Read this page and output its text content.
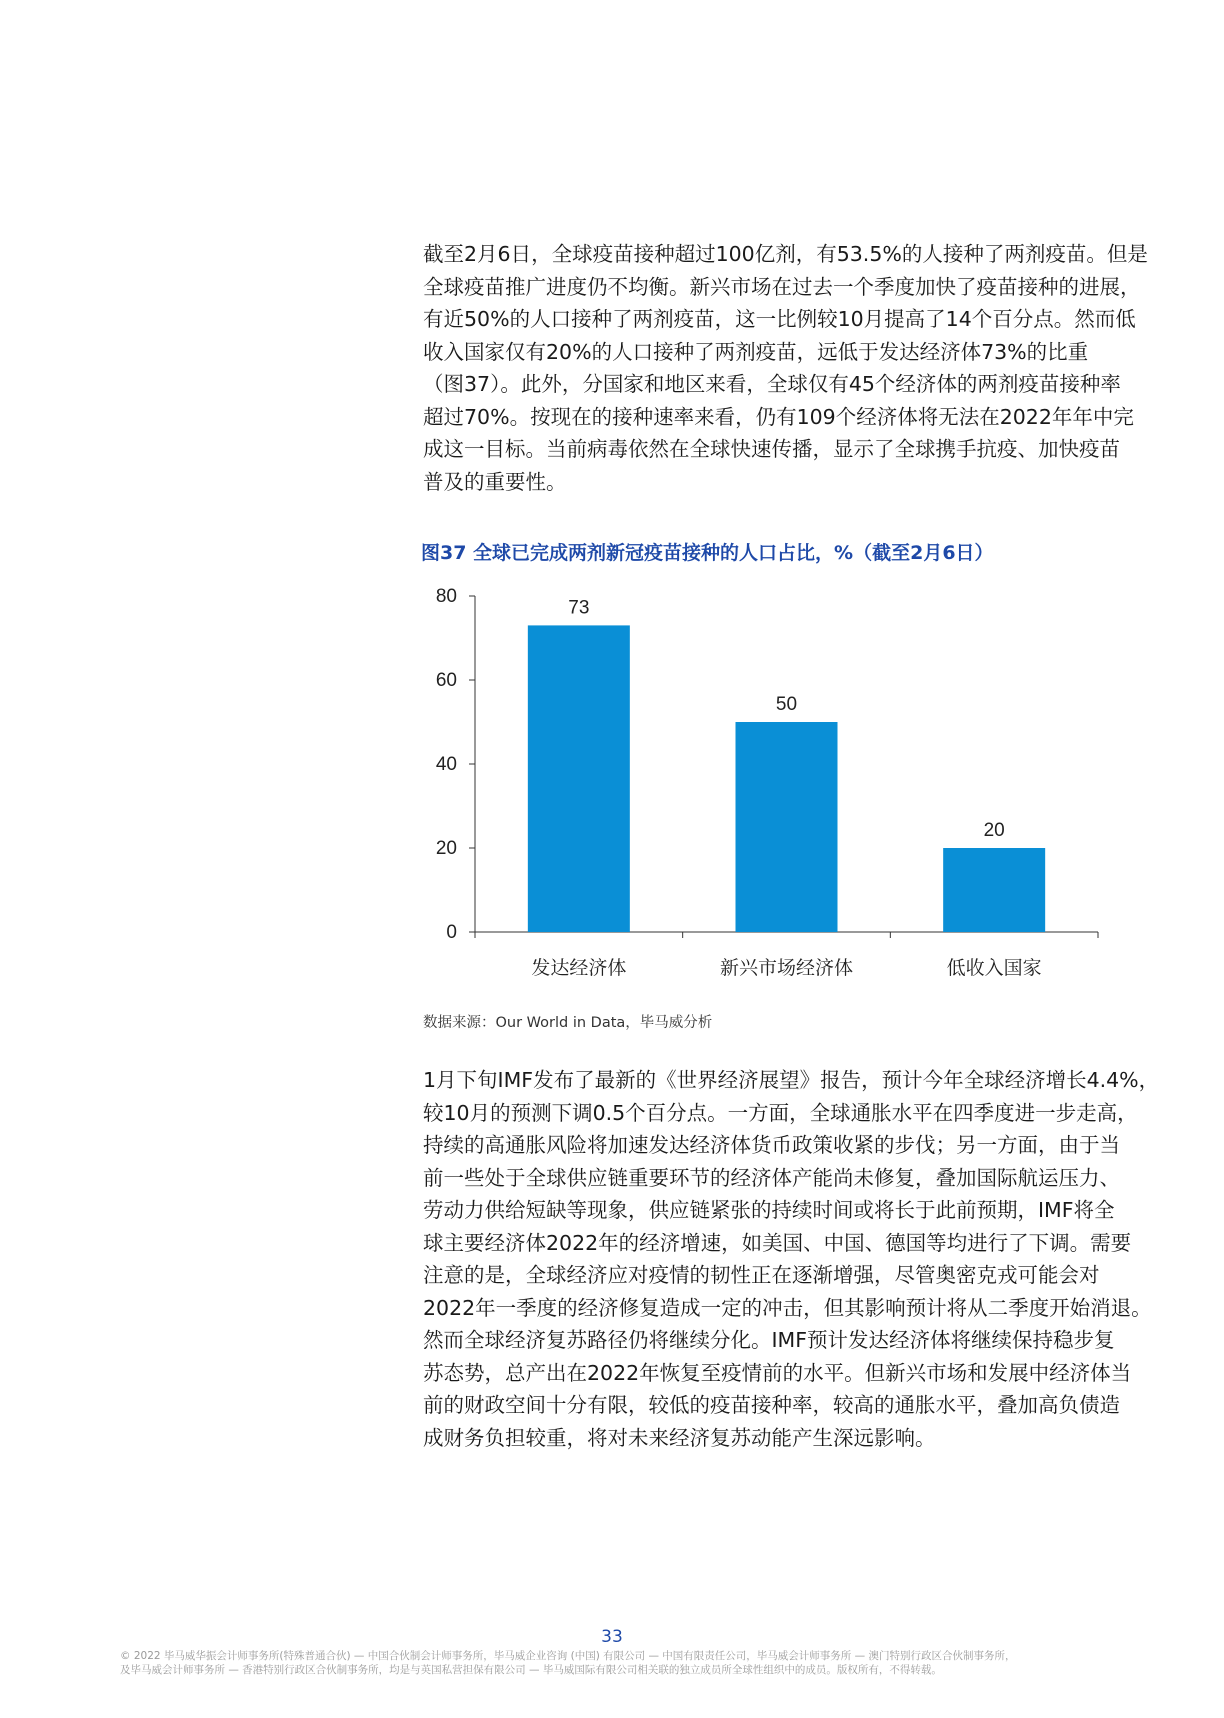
截至2月6日，全球疫苗接种超过100亿剂，有53.5%的人接种了两剂疫苗。但是
全球疫苗推广进度仍不均衡。新兴市场在过去一个季度加快了疫苗接种的进展，
有近50%的人口接种了两剂疫苗，这一比例较10月提高了14个百分点。然而低
收入国家仅有20%的人口接种了两剂疫苗，远低于发达经济体73%的比重
（图37）。此外，分国家和地区来看，全球仅有45个经济体的两剂疫苗接种率
超过70%。按现在的接种速率来看，仍有109个经济体将无法在2022年年中完
成这一目标。当前病毒依然在全球快速传播，显示了全球携手抗疫、加快疫苗
普及的重要性。
图37 全球已完成两剂新冠疫苗接种的人口占比，%（截至2月6日）
0
20
40
60
80
73
发达经济体
50
新兴市场经济体
20
低收入国家
数据来源：Our World in Data，毕马威分析
1月下旬IMF发布了最新的《世界经济展望》报告，预计今年全球经济增长4.4%，
较10月的预测下调0.5个百分点。一方面，全球通胀水平在四季度进一步走高，
持续的高通胀风险将加速发达经济体货币政策收紧的步伐；另一方面，由于当
前一些处于全球供应链重要环节的经济体产能尚未修复，叠加国际航运压力、
劳动力供给短缺等现象，供应链紧张的持续时间或将长于此前预期，IMF将全
球主要经济体2022年的经济增速，如美国、中国、德国等均进行了下调。需要
注意的是，全球经济应对疫情的韧性正在逐渐增强，尽管奥密克戎可能会对
2022年一季度的经济修复造成一定的冲击，但其影响预计将从二季度开始消退。
然而全球经济复苏路径仍将继续分化。IMF预计发达经济体将继续保持稳步复
苏态势，总产出在2022年恢复至疫情前的水平。但新兴市场和发展中经济体当
前的财政空间十分有限，较低的疫苗接种率，较高的通胀水平，叠加高负债造
成财务负担较重，将对未来经济复苏动能产生深远影响。
33
© 2022 毕马威华振会计师事务所(特殊普通合伙) — 中国合伙制会计师事务所，毕马威企业咨询 (中国) 有限公司 — 中国有限责任公司，毕马威会计师事务所 — 澳门特别行政区合伙制事务所，
及毕马威会计师事务所 — 香港特别行政区合伙制事务所，均是与英国私营担保有限公司 — 毕马威国际有限公司相关联的独立成员所全球性组织中的成员。版权所有，不得转载。
